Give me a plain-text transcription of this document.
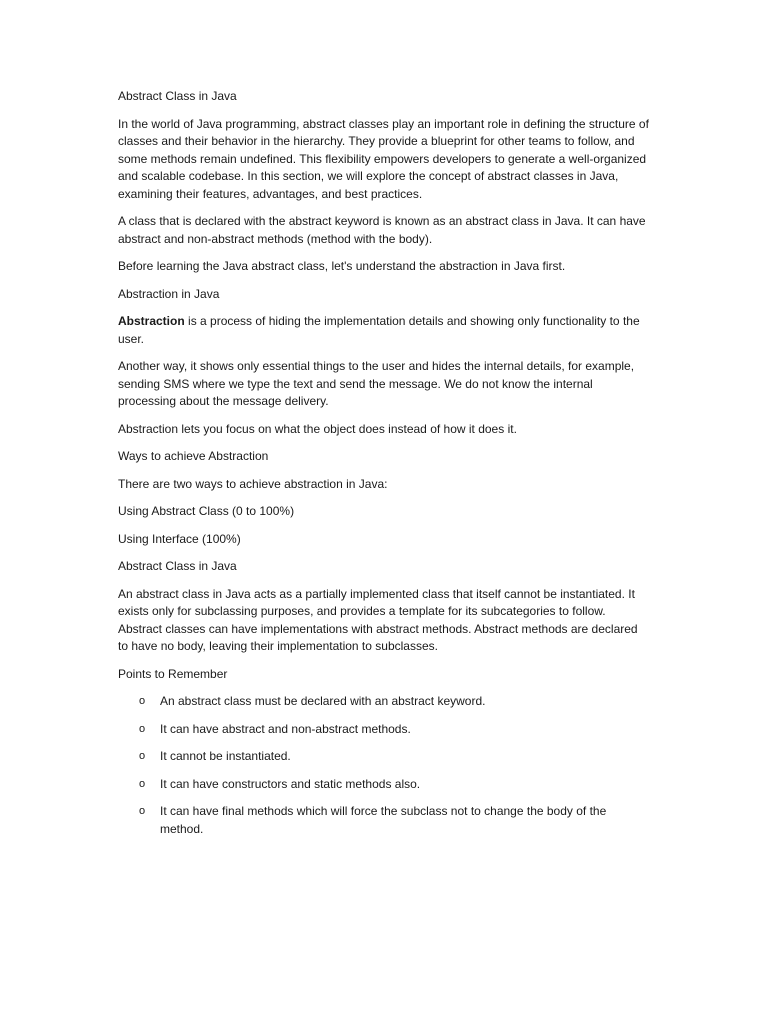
Abstract Class in Java

In the world of Java programming, abstract classes play an important role in defining the structure of classes and their behavior in the hierarchy. They provide a blueprint for other teams to follow, and some methods remain undefined. This flexibility empowers developers to generate a well-organized and scalable codebase. In this section, we will explore the concept of abstract classes in Java, examining their features, advantages, and best practices.

A class that is declared with the abstract keyword is known as an abstract class in Java. It can have abstract and non-abstract methods (method with the body).

Before learning the Java abstract class, let's understand the abstraction in Java first.

Abstraction in Java

Abstraction is a process of hiding the implementation details and showing only functionality to the user.

Another way, it shows only essential things to the user and hides the internal details, for example, sending SMS where we type the text and send the message. We do not know the internal processing about the message delivery.

Abstraction lets you focus on what the object does instead of how it does it.

Ways to achieve Abstraction

There are two ways to achieve abstraction in Java:

Using Abstract Class (0 to 100%)

Using Interface (100%)

Abstract Class in Java

An abstract class in Java acts as a partially implemented class that itself cannot be instantiated. It exists only for subclassing purposes, and provides a template for its subcategories to follow. Abstract classes can have implementations with abstract methods. Abstract methods are declared to have no body, leaving their implementation to subclasses.

Points to Remember

o An abstract class must be declared with an abstract keyword.
o It can have abstract and non-abstract methods.
o It cannot be instantiated.
o It can have constructors and static methods also.
o It can have final methods which will force the subclass not to change the body of the method.
